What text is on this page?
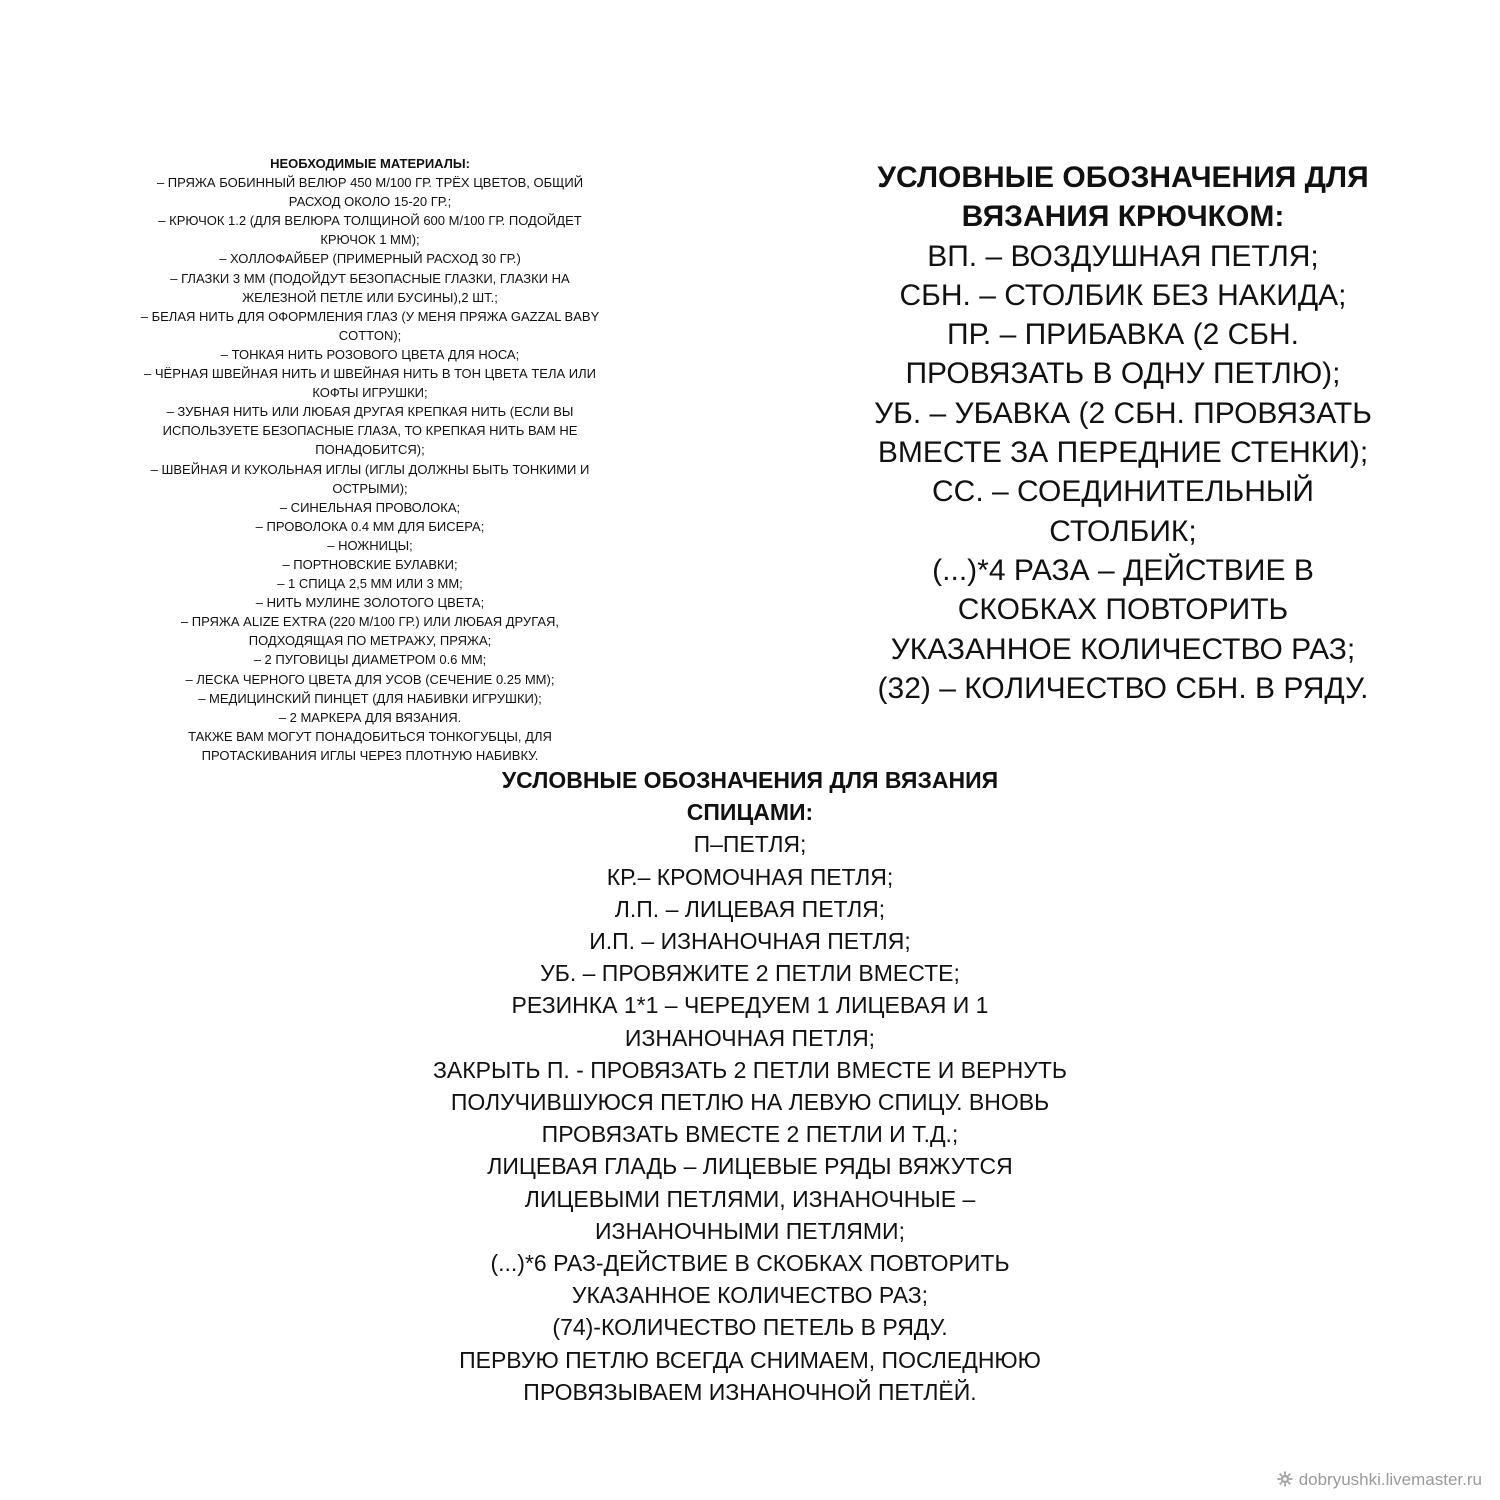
НЕОБХОДИМЫЕ МАТЕРИАЛЫ:
– ПРЯЖА БОБИННЫЙ ВЕЛЮР 450 М/100 ГР. ТРЁХ ЦВЕТОВ, ОБЩИЙ
РАСХОД ОКОЛО 15-20 ГР.;
– КРЮЧОК 1.2 (ДЛЯ ВЕЛЮРА ТОЛЩИНОЙ 600 М/100 ГР. ПОДОЙДЕТ
КРЮЧОК 1 ММ);
– ХОЛЛОФАЙБЕР (ПРИМЕРНЫЙ РАСХОД 30 ГР.)
– ГЛАЗКИ 3 ММ (ПОДОЙДУТ БЕЗОПАСНЫЕ ГЛАЗКИ, ГЛАЗКИ НА
ЖЕЛЕЗНОЙ ПЕТЛЕ ИЛИ БУСИНЫ),2 ШТ.;
– БЕЛАЯ НИТЬ ДЛЯ ОФОРМЛЕНИЯ ГЛАЗ (У МЕНЯ ПРЯЖА GAZZAL BABY
COTTON);
– ТОНКАЯ НИТЬ РОЗОВОГО ЦВЕТА ДЛЯ НОСА;
– ЧЁРНАЯ ШВЕЙНАЯ НИТЬ И ШВЕЙНАЯ НИТЬ В ТОН ЦВЕТА ТЕЛА ИЛИ
КОФТЫ ИГРУШКИ;
– ЗУБНАЯ НИТЬ ИЛИ ЛЮБАЯ ДРУГАЯ КРЕПКАЯ НИТЬ (ЕСЛИ ВЫ
ИСПОЛЬЗУЕТЕ БЕЗОПАСНЫЕ ГЛАЗА, ТО КРЕПКАЯ НИТЬ ВАМ НЕ
ПОНАДОБИТСЯ);
– ШВЕЙНАЯ И КУКОЛЬНАЯ ИГЛЫ (ИГЛЫ ДОЛЖНЫ БЫТЬ ТОНКИМИ И
ОСТРЫМИ);
– СИНЕЛЬНАЯ ПРОВОЛОКА;
– ПРОВОЛОКА 0.4 ММ ДЛЯ БИСЕРА;
– НОЖНИЦЫ;
– ПОРТНОВСКИЕ БУЛАВКИ;
– 1 СПИЦА 2,5 ММ ИЛИ 3 ММ;
– НИТЬ МУЛИНЕ ЗОЛОТОГО ЦВЕТА;
– ПРЯЖА ALIZE EXTRA (220 М/100 ГР.) ИЛИ ЛЮБАЯ ДРУГАЯ,
ПОДХОДЯЩАЯ ПО МЕТРАЖУ, ПРЯЖА;
– 2 ПУГОВИЦЫ ДИАМЕТРОМ 0.6 ММ;
– ЛЕСКА ЧЕРНОГО ЦВЕТА ДЛЯ УСОВ (СЕЧЕНИЕ 0.25 ММ);
– МЕДИЦИНСКИЙ ПИНЦЕТ (ДЛЯ НАБИВКИ ИГРУШКИ);
– 2 МАРКЕРА ДЛЯ ВЯЗАНИЯ.
ТАКЖЕ ВАМ МОГУТ ПОНАДОБИТЬСЯ ТОНКОГУБЦЫ, ДЛЯ
ПРОТАСКИВАНИЯ ИГЛЫ ЧЕРЕЗ ПЛОТНУЮ НАБИВКУ.
УСЛОВНЫЕ ОБОЗНАЧЕНИЯ ДЛЯ
ВЯЗАНИЯ КРЮЧКОМ:
ВП. – ВОЗДУШНАЯ ПЕТЛЯ;
СБН. – СТОЛБИК БЕЗ НАКИДА;
ПР. – ПРИБАВКА (2 СБН.
ПРОВЯЗАТЬ В ОДНУ ПЕТЛЮ);
УБ. – УБАВКА (2 СБН. ПРОВЯЗАТЬ
ВМЕСТЕ ЗА ПЕРЕДНИЕ СТЕНКИ);
СС. – СОЕДИНИТЕЛЬНЫЙ
СТОЛБИК;
(...)*4 РАЗА – ДЕЙСТВИЕ В
СКОБКАХ ПОВТОРИТЬ
УКАЗАННОЕ КОЛИЧЕСТВО РАЗ;
(32) – КОЛИЧЕСТВО СБН. В РЯДУ.
УСЛОВНЫЕ ОБОЗНАЧЕНИЯ ДЛЯ ВЯЗАНИЯ
СПИЦАМИ:
П–ПЕТЛЯ;
КР.– КРОМОЧНАЯ ПЕТЛЯ;
Л.П. – ЛИЦЕВАЯ ПЕТЛЯ;
И.П. – ИЗНАНОЧНАЯ ПЕТЛЯ;
УБ. – ПРОВЯЖИТЕ 2 ПЕТЛИ ВМЕСТЕ;
РЕЗИНКА 1*1 – ЧЕРЕДУЕМ 1 ЛИЦЕВАЯ И 1
ИЗНАНОЧНАЯ ПЕТЛЯ;
ЗАКРЫТЬ П. - ПРОВЯЗАТЬ 2 ПЕТЛИ ВМЕСТЕ И ВЕРНУТЬ
ПОЛУЧИВШУЮСЯ ПЕТЛЮ НА ЛЕВУЮ СПИЦУ. ВНОВЬ
ПРОВЯЗАТЬ ВМЕСТЕ 2 ПЕТЛИ И Т.Д.;
ЛИЦЕВАЯ ГЛАДЬ – ЛИЦЕВЫЕ РЯДЫ ВЯЖУТСЯ
ЛИЦЕВЫМИ ПЕТЛЯМИ, ИЗНАНОЧНЫЕ –
ИЗНАНОЧНЫМИ ПЕТЛЯМИ;
(...)*6 РАЗ-ДЕЙСТВИЕ В СКОБКАХ ПОВТОРИТЬ
УКАЗАННОЕ КОЛИЧЕСТВО РАЗ;
(74)-КОЛИЧЕСТВО ПЕТЕЛЬ В РЯДУ.
ПЕРВУЮ ПЕТЛЮ ВСЕГДА СНИМАЕМ, ПОСЛЕДНЮЮ
ПРОВЯЗЫВАЕМ ИЗНАНОЧНОЙ ПЕТЛЁЙ.
dobryushki.livemaster.ru
